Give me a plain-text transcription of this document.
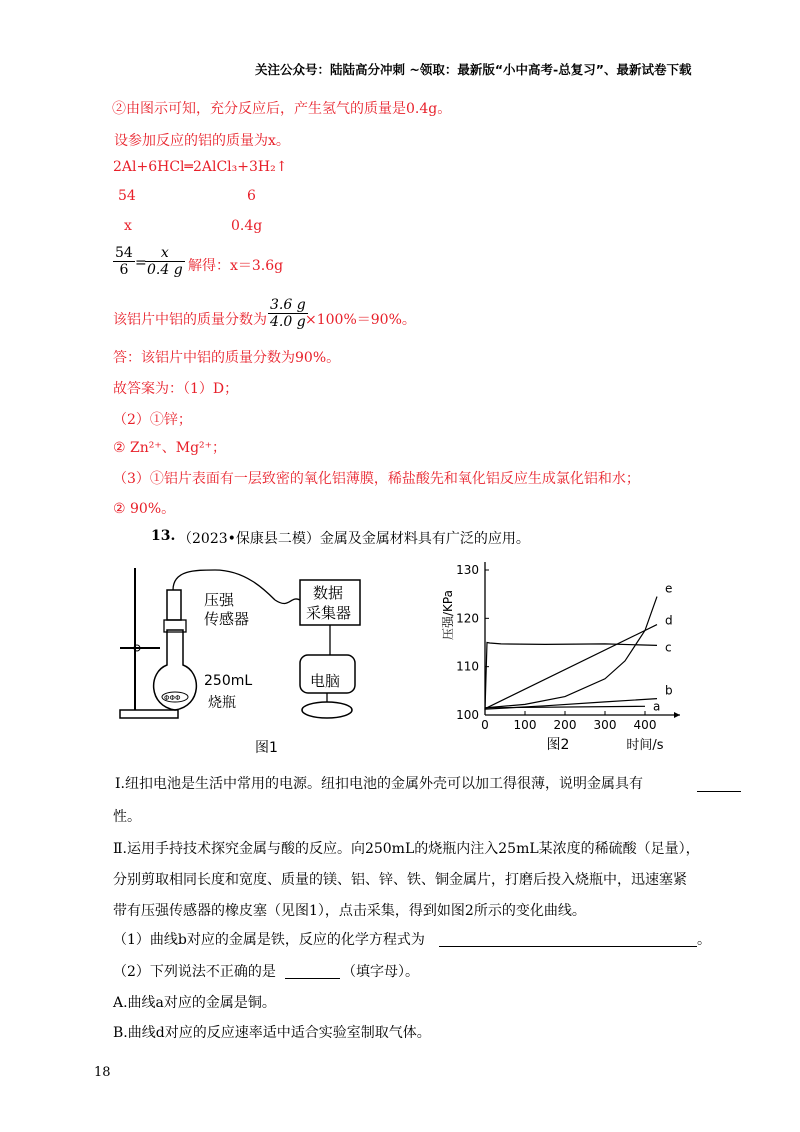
关注公众号：陆陆高分冲刺 ~领取：最新版“小中高考-总复习”、最新试卷下载
②由图示可知，充分反应后，产生氢气的质量是0.4g。
设参加反应的铝的质量为x。
2Al+6HCl═2AlCl₃+3H₂↑
54	6
x	0.4g
$\frac{54}{6}$ =
$\frac{x}{0.4 g}$ 解得：x＝3.6g
该铝片中铝的质量分数为 $\frac{3.6 g}{4.0 g}$
×100%＝90%。
答：该铝片中铝的质量分数为90%。
故答案为：（1）D；
（2）①锌；
② Zn²⁺、Mg²⁺；
（3）①铝片表面有一层致密的氧化铝薄膜，稀盐酸先和氧化铝反应生成氯化铝和水；
② 90%。
13. （2023•保康县二模）金属及金属材料具有广泛的应用。
ΦΦΦ
压强
传感器
数据
采集器
电脑
250mL
烧瓶
图1
0 100 200 300 400
100
110
120
130
压强/KPa
时间/s
图2
a
b
c
d
e
Ⅰ.纽扣电池是生活中常用的电源。纽扣电池的金属外壳可以加工得很薄，说明金属具有
性。
Ⅱ.运用手持技术探究金属与酸的反应。向250mL的烧瓶内注入25mL某浓度的稀硫酸（足量），
分别剪取相同长度和宽度、质量的镁、铝、锌、铁、铜金属片，打磨后投入烧瓶中，迅速塞紧
带有压强传感器的橡皮塞（见图1），点击采集，得到如图2所示的变化曲线。
（1）曲线b对应的金属是铁，反应的化学方程式为	。
（2）下列说法不正确的是	（填字母）。
A.曲线a对应的金属是铜。
B.曲线d对应的反应速率适中适合实验室制取气体。
18
